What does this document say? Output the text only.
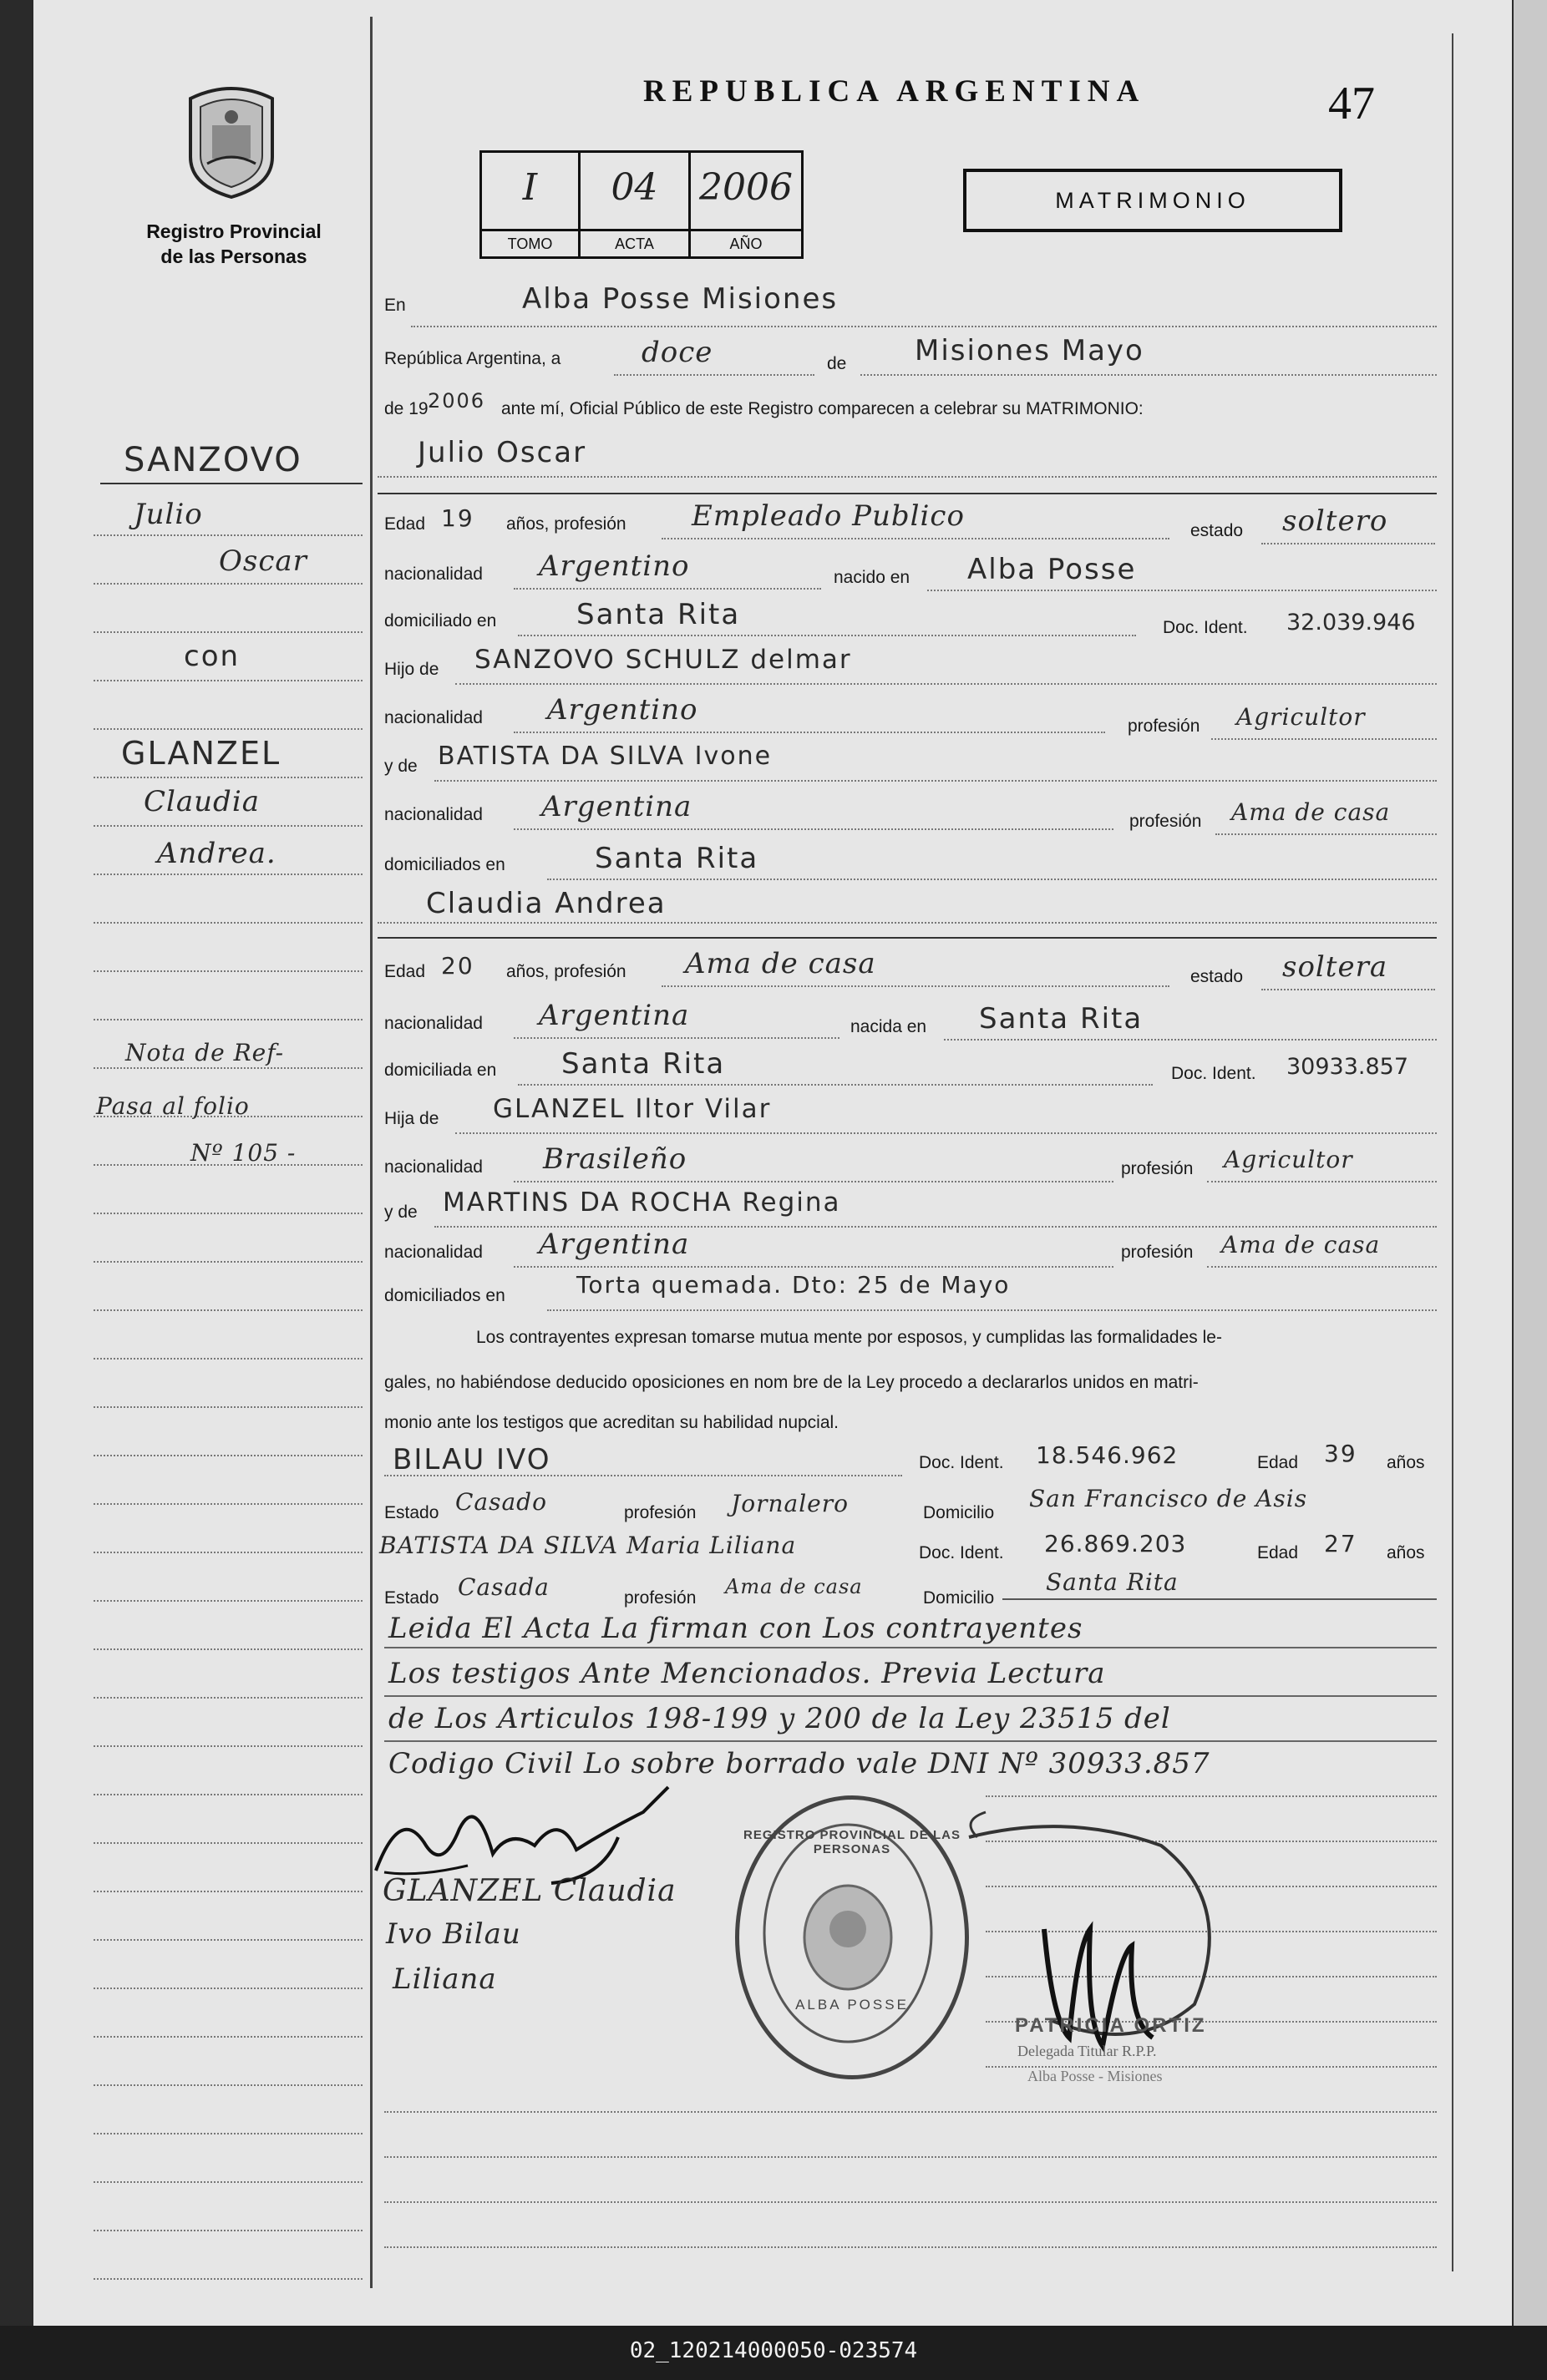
Registro Provincial
de las Personas
REPUBLICA ARGENTINA	47
I
TOMO
04
ACTA
2006
AÑO
MATRIMONIO
SANZOVO
Julio
Oscar
con
GLANZEL
Claudia
Andrea.
Nota de Ref-
Pasa al folio
Nº 105 -
En	Alba Posse Misiones
República Argentina, a	doce	de Misiones Mayo
de 19 2006 ante mí, Oficial Público de este Registro comparecen a celebrar su MATRIMONIO:
Julio Oscar
Edad 19 años, profesión Empleado Publico	estado soltero
nacionalidad Argentino	nacido en Alba Posse
domiciliado en	Santa Rita	Doc. Ident. 32.039.946
Hijo de SANZOVO SCHULZ delmar
nacionalidad Argentino	profesión Agricultor
y de BATISTA DA SILVA Ivone
nacionalidad Argentina	profesión Ama de casa
domiciliados en	Santa Rita
Claudia Andrea
Edad 20 años, profesión Ama de casa	estado soltera
nacionalidad Argentina	nacida en Santa Rita
domiciliada en Santa Rita	Doc. Ident. 30933.857
Hija de GLANZEL Iltor Vilar
nacionalidad Brasileño	profesión Agricultor
y de MARTINS DA ROCHA Regina
nacionalidad Argentina	profesión Ama de casa
domiciliados en	Torta quemada. Dto: 25 de Mayo
Los contrayentes expresan tomarse mutua mente por esposos, y cumplidas las formalidades le-
gales, no habiéndose deducido oposiciones en nom bre de la Ley procedo a declararlos unidos en matri-
monio ante los testigos que acreditan su habilidad nupcial.
BILAU IVO	Doc. Ident. 18.546.962	Edad 39 años
Estado Casado	profesión Jornalero	Domicilio
San Francisco de Asis
BATISTA DA SILVA Maria Liliana	Doc. Ident. 26.869.203	Edad 27 años
Estado Casada	profesión Ama de casa	Domicilio
Santa Rita
Leida El Acta La firman con Los contrayentes
Los testigos Ante Mencionados. Previa Lectura
de Los Articulos 198-199 y 200 de la Ley 23515 del
Codigo Civil Lo sobre borrado vale DNI Nº 30933.857
GLANZEL Claudia
Ivo Bilau
Liliana
REGISTRO PROVINCIAL DE LAS PERSONAS
ALBA POSSE
PATRICIA ORTIZ
Delegada Titular R.P.P.
Alba Posse - Misiones
02_120214000050-023574
